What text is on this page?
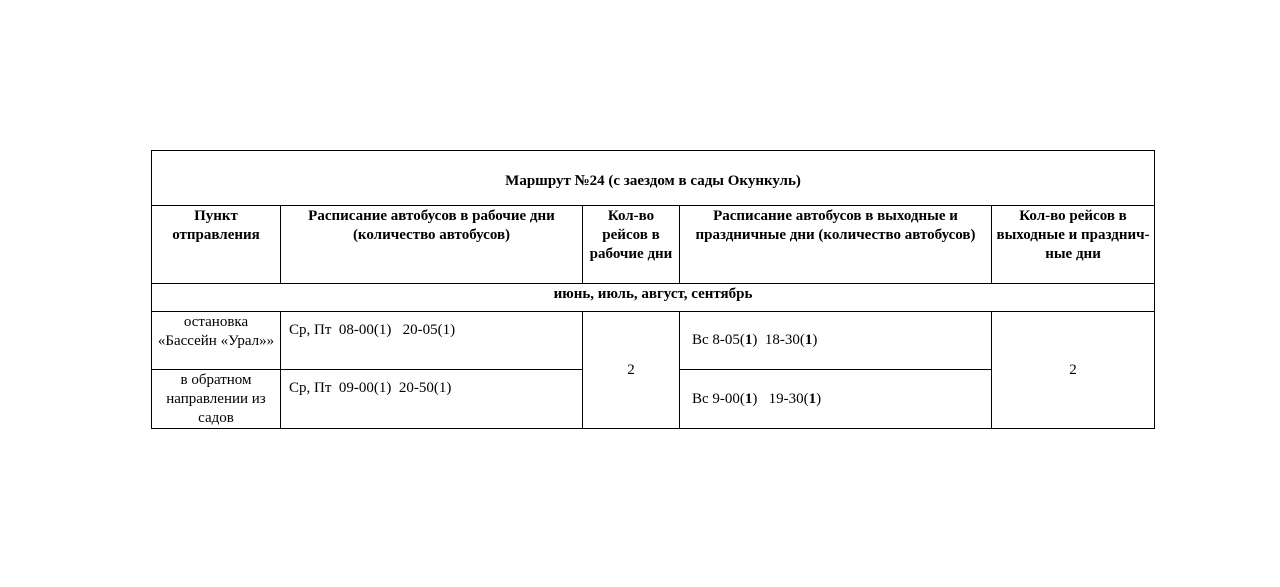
Маршрут №24 (с заездом в сады Окункуль)				
Пункт отправления	Расписание автобусов в рабочие дни (количество автобусов)	Кол-во рейсов в рабочие дни	Расписание автобусов в выходные и праздничные дни (количество автобусов)	Кол-во рейсов в выходные и празднич-ные дни
июнь, июль, август, сентябрь				
остановка «Бассейн «Урал»»	Ср, Пт  08-00(1)   20-05(1)	2	Вс 8-05(1)  18-30(1)	2
в обратном направлении из садов	Ср, Пт  09-00(1)  20-50(1)		Вс 9-00(1)   19-30(1)	
